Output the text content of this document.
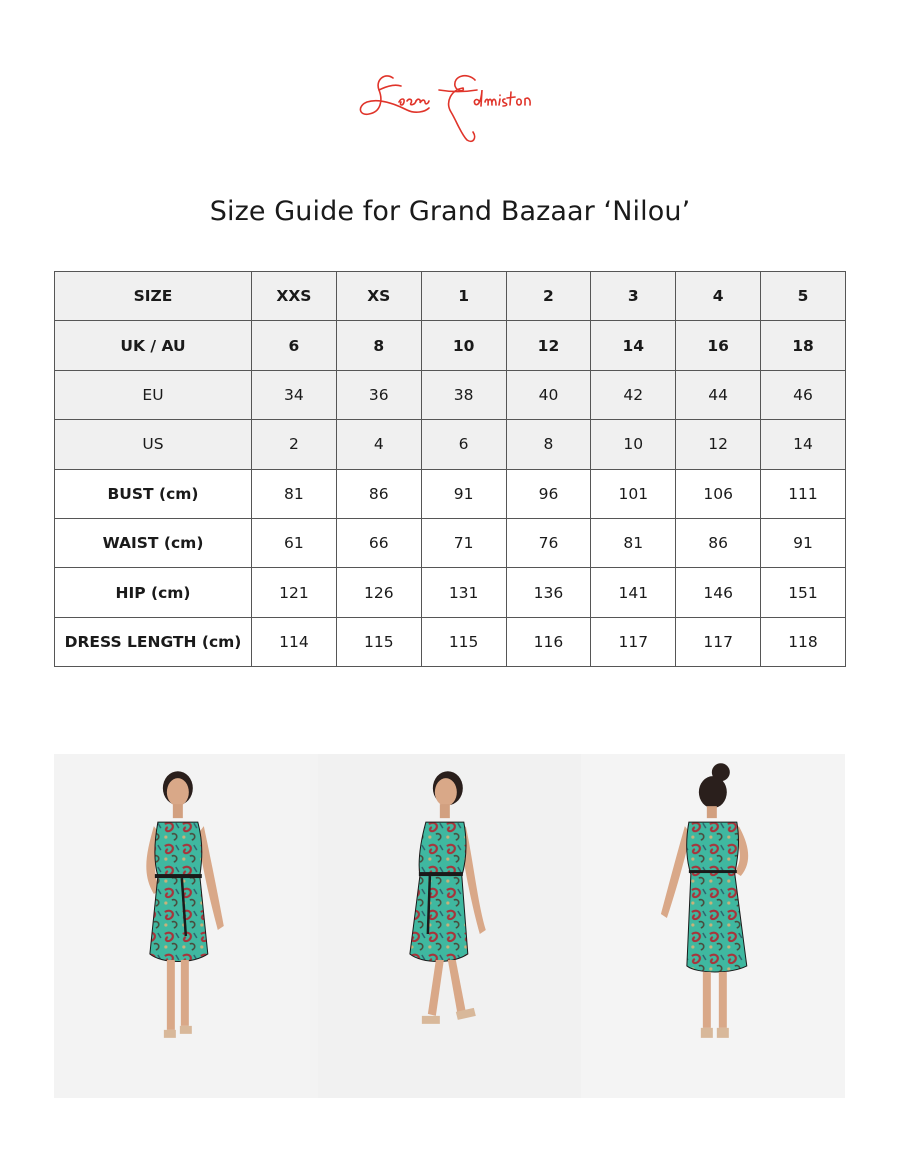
Size Guide for Grand Bazaar ‘Nilou’
SIZE	XXS	XS	1	2	3	4	5
UK / AU	6	8	10	12	14	16	18
EU	34	36	38	40	42	44	46
US	2	4	6	8	10	12	14
BUST (cm)	81	86	91	96	101	106	111
WAIST (cm)	61	66	71	76	81	86	91
HIP (cm)	121	126	131	136	141	146	151
DRESS LENGTH (cm)	114	115	115	116	117	117	118
